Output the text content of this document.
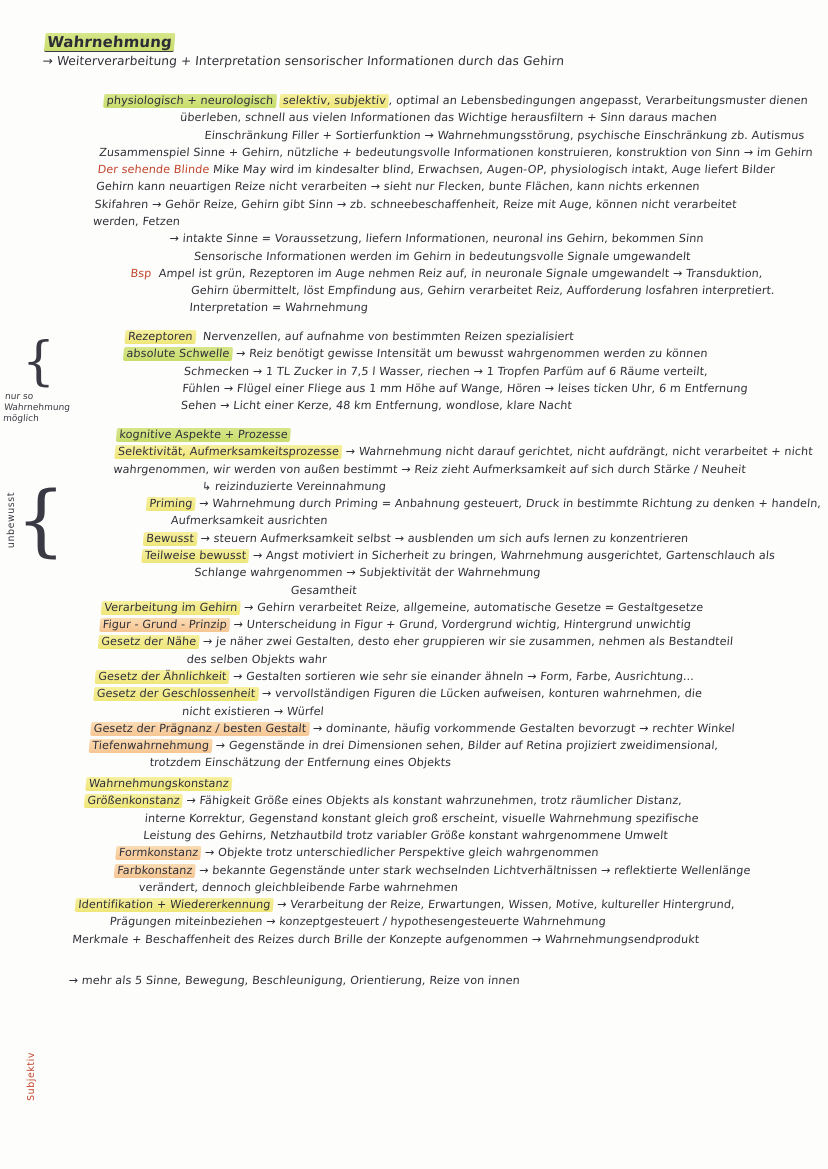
Wahrnehmung
→ Weiterverarbeitung + Interpretation sensorischer Informationen durch das Gehirn

physiologisch + neurologisch selektiv, subjektiv , optimal an Lebensbedingungen angepasst, Verarbeitungsmuster dienen
überleben, schnell aus vielen Informationen das Wichtige herausfiltern + Sinn daraus machen
Einschränkung Filler + Sortierfunktion → Wahrnehmungsstörung, psychische Einschränkung zb. Autismus
Zusammenspiel Sinne + Gehirn, nützliche + bedeutungsvolle Informationen konstruieren, konstruktion von Sinn → im Gehirn
Der sehende Blinde Mike May wird im kindesalter blind, Erwachsen, Augen-OP, physiologisch intakt, Auge liefert Bilder
Gehirn kann neuartigen Reize nicht verarbeiten → sieht nur Flecken, bunte Flächen, kann nichts erkennen
Skifahren → Gehör Reize, Gehirn gibt Sinn → zb. schneebeschaffenheit, Reize mit Auge, können nicht verarbeitet
werden, Fetzen
→ intakte Sinne = Voraussetzung, liefern Informationen, neuronal ins Gehirn, bekommen Sinn
Sensorische Informationen werden im Gehirn in bedeutungsvolle Signale umgewandelt
Bsp  Ampel ist grün, Rezeptoren im Auge nehmen Reiz auf, in neuronale Signale umgewandelt → Transduktion,
Gehirn übermittelt, löst Empfindung aus, Gehirn verarbeitet Reiz, Aufforderung losfahren interpretiert.
Interpretation = Wahrnehmung
Rezeptoren  Nervenzellen, auf aufnahme von bestimmten Reizen spezialisiert
absolute Schwelle → Reiz benötigt gewisse Intensität um bewusst wahrgenommen werden zu können
Schmecken → 1 TL Zucker in 7,5 l Wasser, riechen → 1 Tropfen Parfüm auf 6 Räume verteilt,
Fühlen → Flügel einer Fliege aus 1 mm Höhe auf Wange, Hören → leises ticken Uhr, 6 m Entfernung
Sehen → Licht einer Kerze, 48 km Entfernung, wondlose, klare Nacht
kognitive Aspekte + Prozesse
Selektivität, Aufmerksamkeitsprozesse → Wahrnehmung nicht darauf gerichtet, nicht aufdrängt, nicht verarbeitet + nicht
wahrgenommen, wir werden von außen bestimmt → Reiz zieht Aufmerksamkeit auf sich durch Stärke / Neuheit
↳ reizinduzierte Vereinnahmung
Priming → Wahrnehmung durch Priming = Anbahnung gesteuert, Druck in bestimmte Richtung zu denken + handeln,
Aufmerksamkeit ausrichten
Bewusst → steuern Aufmerksamkeit selbst → ausblenden um sich aufs lernen zu konzentrieren
Teilweise bewusst → Angst motiviert in Sicherheit zu bringen, Wahrnehmung ausgerichtet, Gartenschlauch als
Schlange wahrgenommen → Subjektivität der Wahrnehmung
Gesamtheit
Verarbeitung im Gehirn → Gehirn verarbeitet Reize, allgemeine, automatische Gesetze = Gestaltgesetze
Figur - Grund - Prinzip → Unterscheidung in Figur + Grund, Vordergrund wichtig, Hintergrund unwichtig
Gesetz der Nähe → je näher zwei Gestalten, desto eher gruppieren wir sie zusammen, nehmen als Bestandteil
des selben Objekts wahr
Gesetz der Ähnlichkeit → Gestalten sortieren wie sehr sie einander ähneln → Form, Farbe, Ausrichtung...
Gesetz der Geschlossenheit → vervollständigen Figuren die Lücken aufweisen, konturen wahrnehmen, die
nicht existieren → Würfel
Gesetz der Prägnanz / besten Gestalt → dominante, häufig vorkommende Gestalten bevorzugt → rechter Winkel
Tiefenwahrnehmung → Gegenstände in drei Dimensionen sehen, Bilder auf Retina projiziert zweidimensional,
trotzdem Einschätzung der Entfernung eines Objekts
Wahrnehmungskonstanz
Größenkonstanz → Fähigkeit Größe eines Objekts als konstant wahrzunehmen, trotz räumlicher Distanz,
interne Korrektur, Gegenstand konstant gleich groß erscheint, visuelle Wahrnehmung spezifische
Leistung des Gehirns, Netzhautbild trotz variabler Größe konstant wahrgenommene Umwelt
Formkonstanz → Objekte trotz unterschiedlicher Perspektive gleich wahrgenommen
Farbkonstanz → bekannte Gegenstände unter stark wechselnden Lichtverhältnissen → reflektierte Wellenlänge
verändert, dennoch gleichbleibende Farbe wahrnehmen
Identifikation + Wiedererkennung → Verarbeitung der Reize, Erwartungen, Wissen, Motive, kultureller Hintergrund,
Prägungen miteinbeziehen → konzeptgesteuert / hypothesengesteuerte Wahrnehmung
Merkmale + Beschaffenheit des Reizes durch Brille der Konzepte aufgenommen → Wahrnehmungsendprodukt
→ mehr als 5 Sinne, Bewegung, Beschleunigung, Orientierung, Reize von innen
{
nur so
Wahrnehmung
möglich
{
unbewusst
Subjektiv
